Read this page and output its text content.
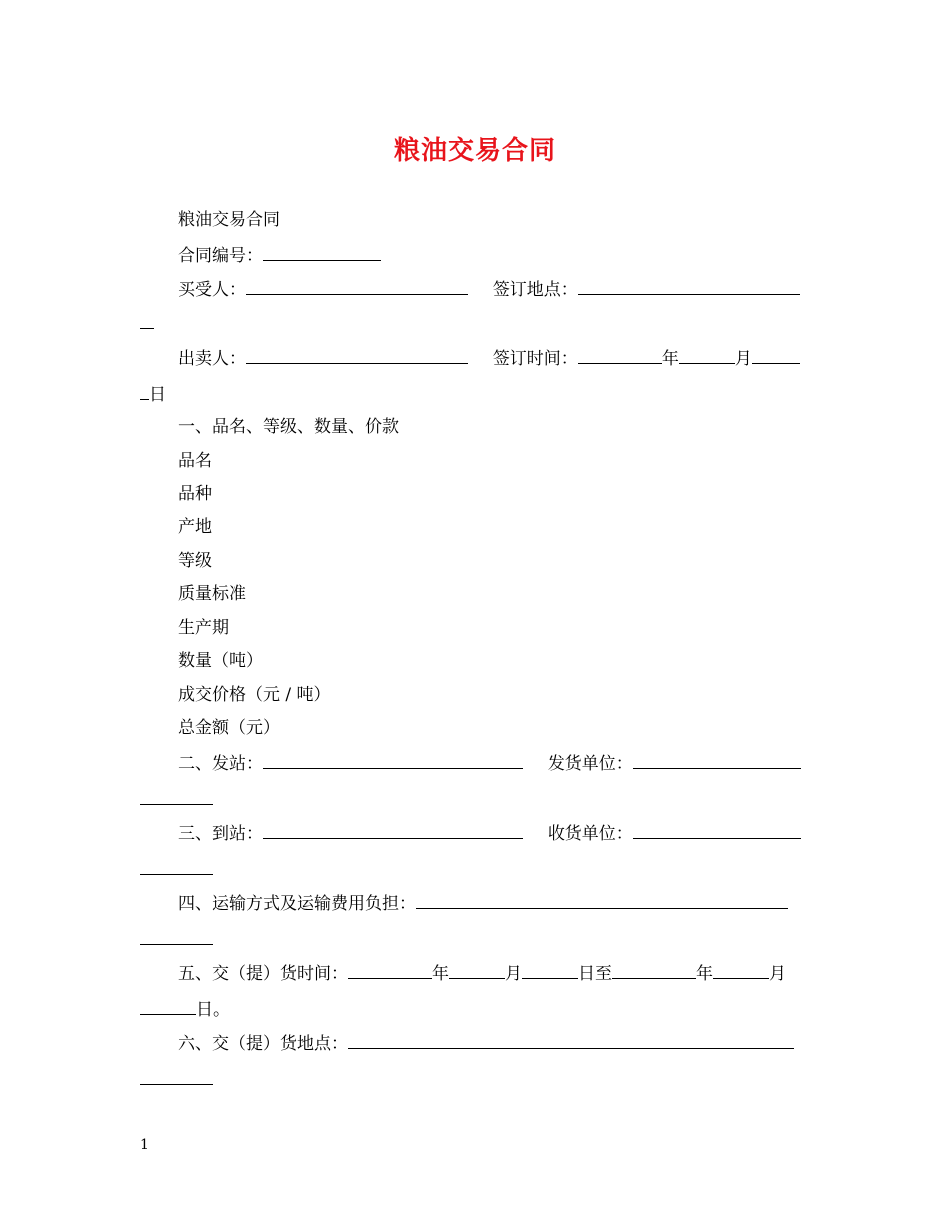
粮油交易合同
粮油交易合同
合同编号：
买受人：	签订地点：
出卖人：	签订时间：	年	月
日
一、品名、等级、数量、价款
品名
品种
产地
等级
质量标准
生产期
数量（吨）
成交价格（元 / 吨）
总金额（元）
二、发站：	发货单位：
三、到站：	收货单位：
四、运输方式及运输费用负担：
五、交（提）货时间：	年	月	日至	年	月
日。
六、交（提）货地点：
1
